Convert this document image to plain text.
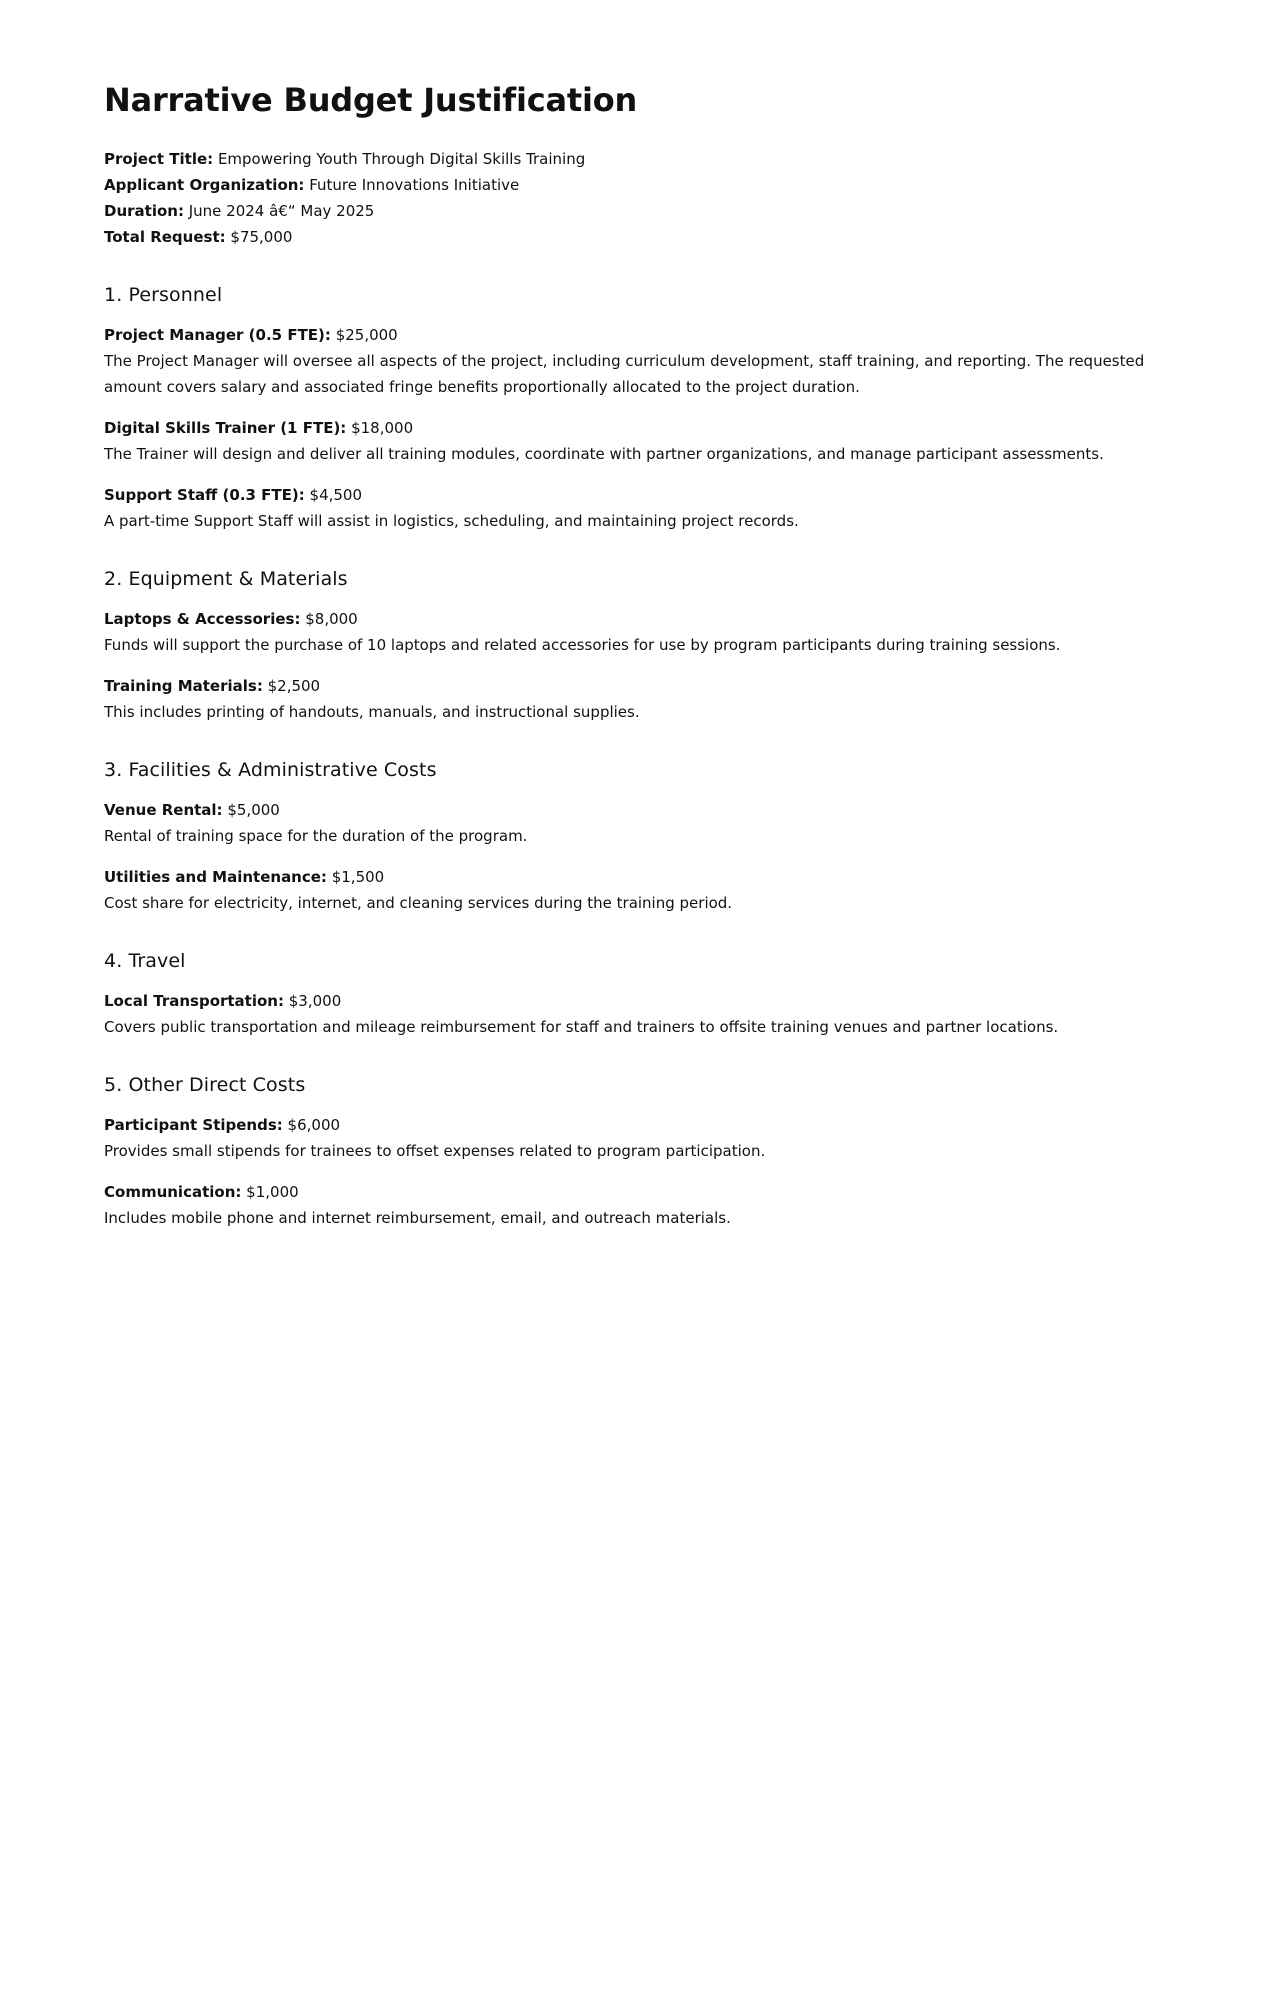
Narrative Budget Justification

Project Title: Empowering Youth Through Digital Skills Training

Applicant Organization: Future Innovations Initiative

Duration: June 2024 â€“ May 2025

Total Request: $75,000

1. Personnel

Project Manager (0.5 FTE): $25,000

The Project Manager will oversee all aspects of the project, including curriculum development, staff training, and reporting. The requested amount covers salary and associated fringe benefits proportionally allocated to the project duration.

Digital Skills Trainer (1 FTE): $18,000

The Trainer will design and deliver all training modules, coordinate with partner organizations, and manage participant assessments.

Support Staff (0.3 FTE): $4,500

A part-time Support Staff will assist in logistics, scheduling, and maintaining project records.

2. Equipment & Materials

Laptops & Accessories: $8,000

Funds will support the purchase of 10 laptops and related accessories for use by program participants during training sessions.

Training Materials: $2,500

This includes printing of handouts, manuals, and instructional supplies.

3. Facilities & Administrative Costs

Venue Rental: $5,000

Rental of training space for the duration of the program.

Utilities and Maintenance: $1,500

Cost share for electricity, internet, and cleaning services during the training period.

4. Travel

Local Transportation: $3,000

Covers public transportation and mileage reimbursement for staff and trainers to offsite training venues and partner locations.

5. Other Direct Costs

Participant Stipends: $6,000

Provides small stipends for trainees to offset expenses related to program participation.

Communication: $1,000

Includes mobile phone and internet reimbursement, email, and outreach materials.
